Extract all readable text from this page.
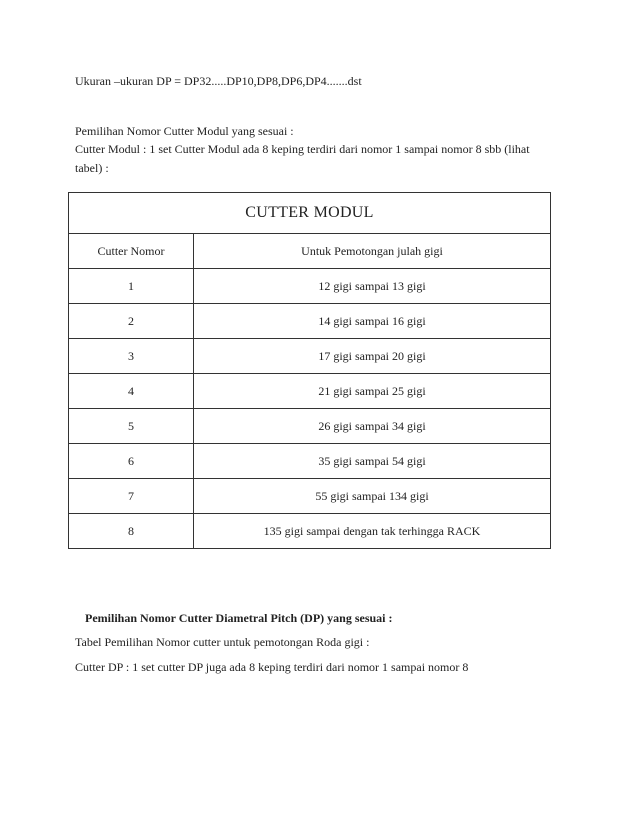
Ukuran –ukuran DP = DP32.....DP10,DP8,DP6,DP4.......dst
Pemilihan Nomor Cutter Modul yang sesuai :
Cutter Modul : 1 set Cutter Modul ada 8 keping terdiri dari nomor 1 sampai nomor 8 sbb (lihat
tabel) :
CUTTER MODUL	
Cutter Nomor	Untuk Pemotongan julah gigi
1	12 gigi sampai 13 gigi
2	14 gigi sampai 16 gigi
3	17 gigi sampai 20 gigi
4	21 gigi sampai 25 gigi
5	26 gigi sampai 34 gigi
6	35 gigi sampai 54 gigi
7	55 gigi sampai 134 gigi
8	135 gigi sampai dengan tak terhingga RACK
Pemilihan Nomor Cutter Diametral Pitch (DP) yang sesuai :
Tabel Pemilihan Nomor cutter untuk pemotongan Roda gigi :
Cutter DP : 1 set cutter DP juga ada 8 keping terdiri dari nomor 1 sampai nomor 8
